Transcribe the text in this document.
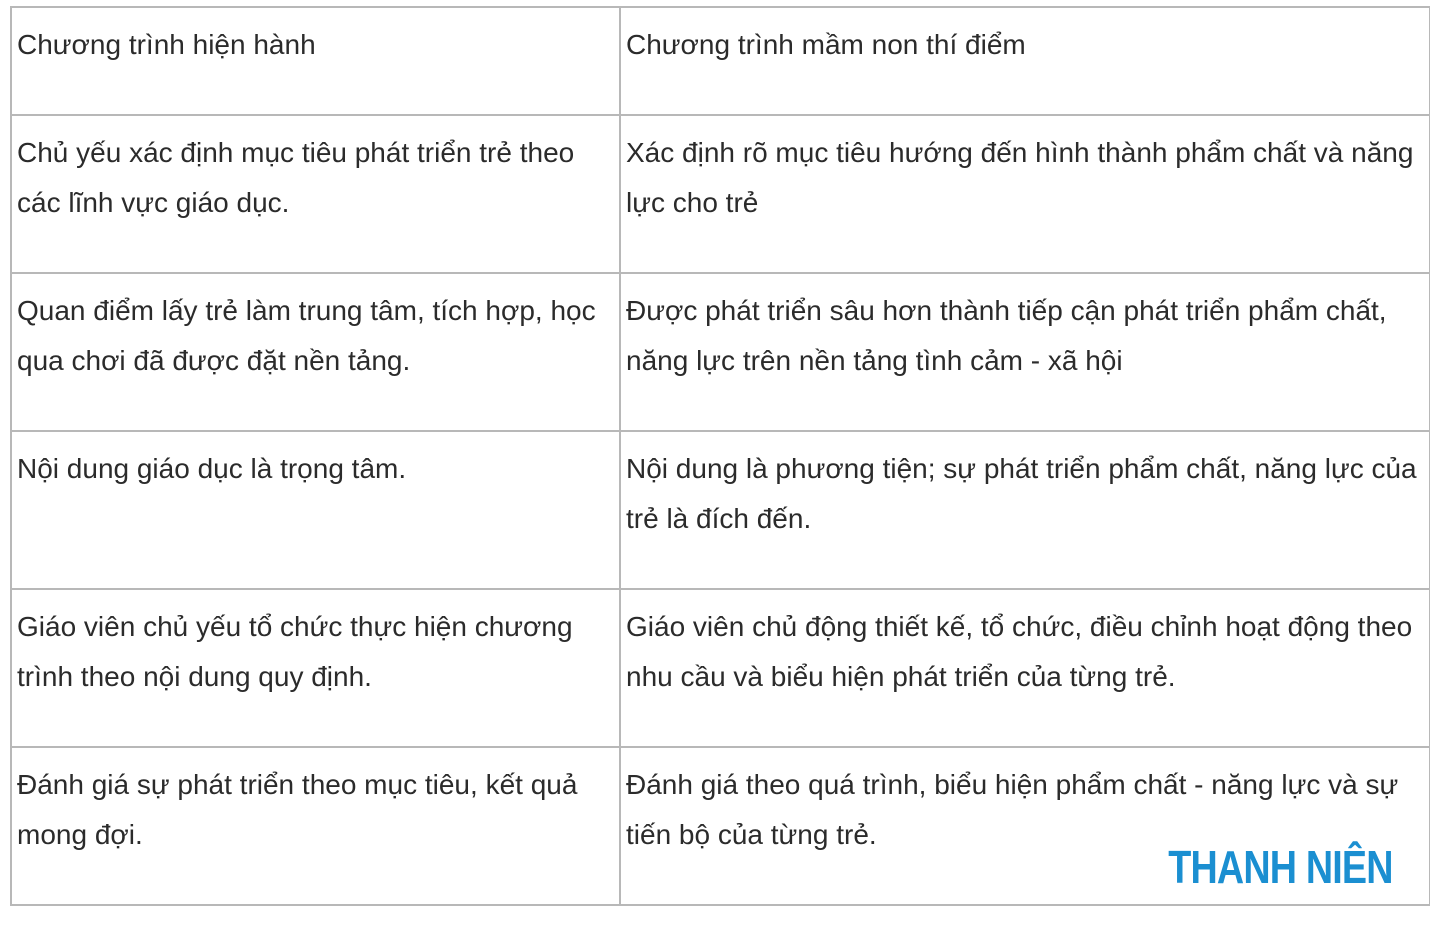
Chương trình hiện hành	Chương trình mầm non thí điểm
Chủ yếu xác định mục tiêu phát triển trẻ theo các lĩnh vực giáo dục.	Xác định rõ mục tiêu hướng đến hình thành phẩm chất và năng lực cho trẻ
Quan điểm lấy trẻ làm trung tâm, tích hợp, học qua chơi đã được đặt nền tảng.	Được phát triển sâu hơn thành tiếp cận phát triển phẩm chất, năng lực trên nền tảng tình cảm - xã hội
Nội dung giáo dục là trọng tâm.	Nội dung là phương tiện; sự phát triển phẩm chất, năng lực của trẻ là đích đến.
Giáo viên chủ yếu tổ chức thực hiện chương trình theo nội dung quy định.	Giáo viên chủ động thiết kế, tổ chức, điều chỉnh hoạt động theo nhu cầu và biểu hiện phát triển của từng trẻ.
Đánh giá sự phát triển theo mục tiêu, kết quả mong đợi.	Đánh giá theo quá trình, biểu hiện phẩm chất - năng lực và sự tiến bộ của từng trẻ.
THANH NIÊN
